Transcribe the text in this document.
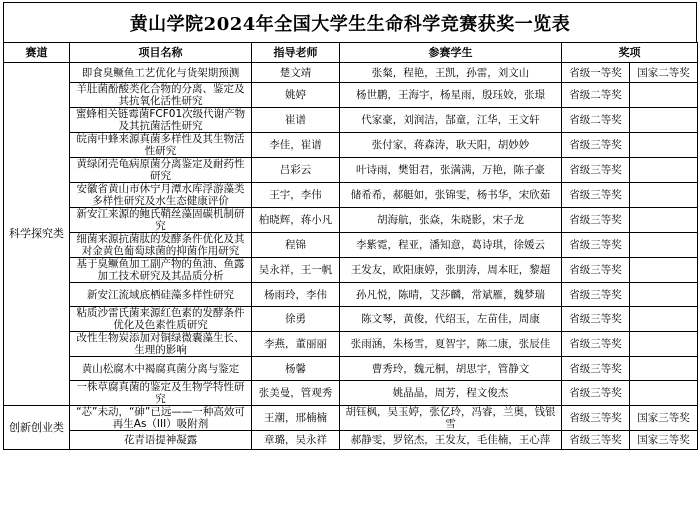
黄山学院2024年全国大学生生命科学竞赛获奖一览表
赛道	项目名称	指导老师	参赛学生	奖项	
科学探究类	即食臭鳜鱼工艺优化与货架期预测	楚文靖	张粲，程艳，王凯，孙雷，刘文山	省级一等奖	国家二等奖
	羊肚菌酚酸类化合物的分离、鉴定及其抗氧化活性研究	姚婷	杨世鹏，王海宇，杨星雨，殷珏姣，张璟	省级二等奖	
	蜜蜂相关链霉菌FCF01次级代谢产物及其抗菌活性研究	崔谱	代家豪，刘润洁，郜童，江华，王文轩	省级二等奖	
	皖南中蜂来源真菌多样性及其生物活性研究	李佳，崔谱	张付家，蒋森涛，耿天阳，胡妙妙	省级三等奖	
	黄绿闭壳龟病原菌分离鉴定及耐药性研究	吕彩云	叶诗雨，樊钼君，张满满，万艳，陈子豪	省级三等奖	
	安徽省黄山市休宁月潭水库浮游藻类多样性研究及水生态健康评价	王宇，李伟	储希希，郝艇如，张锦雯，杨书华，宋欣茹	省级三等奖	
	新安江来源的鲍氏鞘丝藻固碳机制研究	柏晓辉，蒋小凡	胡海航，张焱，朱晓影，宋子龙	省级三等奖	
	细菌来源抗菌肽的发酵条件优化及其对金黄色葡萄球菌的抑菌作用研究	程锦	李紫霓，程亚，潘知意，葛诗琪，徐媛云	省级三等奖	
	基于臭鳜鱼加工副产物的鱼油、鱼露加工技术研究及其品质分析	吴永祥，王一帆	王发友，欧阳康婷，张朋涛，周本旺，黎超	省级三等奖	
	新安江流域底栖硅藻多样性研究	杨雨玲，李伟	孙凡悦，陈晴，艾莎麟，常斌雁，魏梦瑞	省级三等奖	
	粘质沙雷氏菌来源红色素的发酵条件优化及色素性质研究	徐勇	陈文琴，黄俊，代绍玉，左苗佳，周康	省级三等奖	
	改性生物炭添加对铜绿微囊藻生长、生理的影响	李燕，董丽丽	张雨涵，朱杨雪，夏智宇，陈二康，张辰佳	省级三等奖	
	黄山松腐木中褐腐真菌分离与鉴定	杨馨	曹秀玲，魏元桐，胡思宇，管静文	省级三等奖	
	一株草腐真菌的鉴定及生物学特性研究	张美曼，管观秀	姚晶晶，周芳，程文俊杰	省级三等奖	
创新创业类	“芯”未动，“砷”已远——一种高效可再生As（III）吸附剂	王潮，邢楠楠	胡钰枫，吴玉婷，张亿玲，冯睿，兰奥，钱银雪	省级三等奖	国家三等奖
	花青语提神凝露	章璐，吴永祥	郝静雯，罗铭杰，王发友，毛佳楠，王心萍	省级三等奖	国家三等奖
